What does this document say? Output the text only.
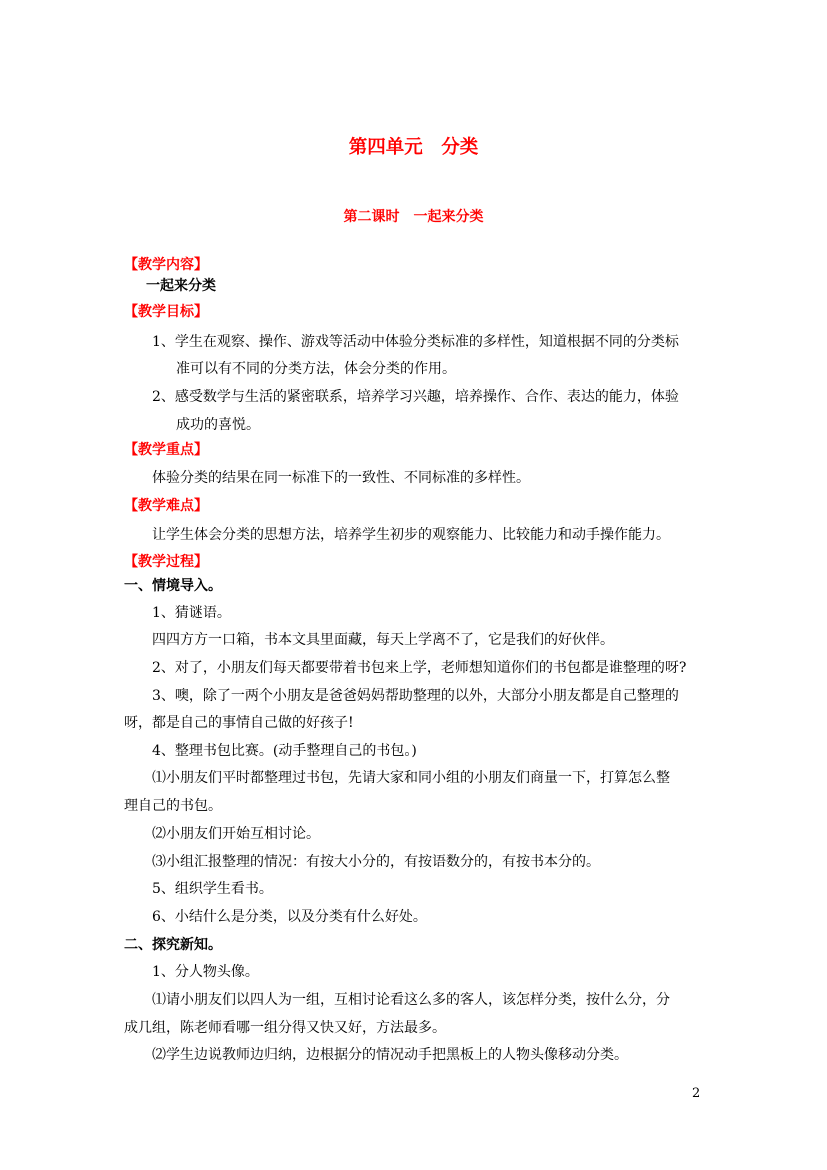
第四单元　分类
第二课时　一起来分类
【教学内容】
一起来分类
【教学目标】
1、学生在观察、操作、游戏等活动中体验分类标准的多样性，知道根据不同的分类标
准可以有不同的分类方法，体会分类的作用。
2、感受数学与生活的紧密联系，培养学习兴趣，培养操作、合作、表达的能力，体验
成功的喜悦。
【教学重点】
体验分类的结果在同一标准下的一致性、不同标准的多样性。
【教学难点】
让学生体会分类的思想方法，培养学生初步的观察能力、比较能力和动手操作能力。
【教学过程】
一、情境导入。
1、猜谜语。
四四方方一口箱，书本文具里面藏，每天上学离不了，它是我们的好伙伴。
2、对了，小朋友们每天都要带着书包来上学，老师想知道你们的书包都是谁整理的呀?
3、噢，除了一两个小朋友是爸爸妈妈帮助整理的以外，大部分小朋友都是自己整理的
呀，都是自己的事情自己做的好孩子!
4、整理书包比赛。(动手整理自己的书包。)
⑴小朋友们平时都整理过书包，先请大家和同小组的小朋友们商量一下，打算怎么整
理自己的书包。
⑵小朋友们开始互相讨论。
⑶小组汇报整理的情况：有按大小分的，有按语数分的，有按书本分的。
5、组织学生看书。
6、小结什么是分类，以及分类有什么好处。
二、探究新知。
1、分人物头像。
⑴请小朋友们以四人为一组，互相讨论看这么多的客人，该怎样分类，按什么分，分
成几组，陈老师看哪一组分得又快又好，方法最多。
⑵学生边说教师边归纳，边根据分的情况动手把黑板上的人物头像移动分类。
2
